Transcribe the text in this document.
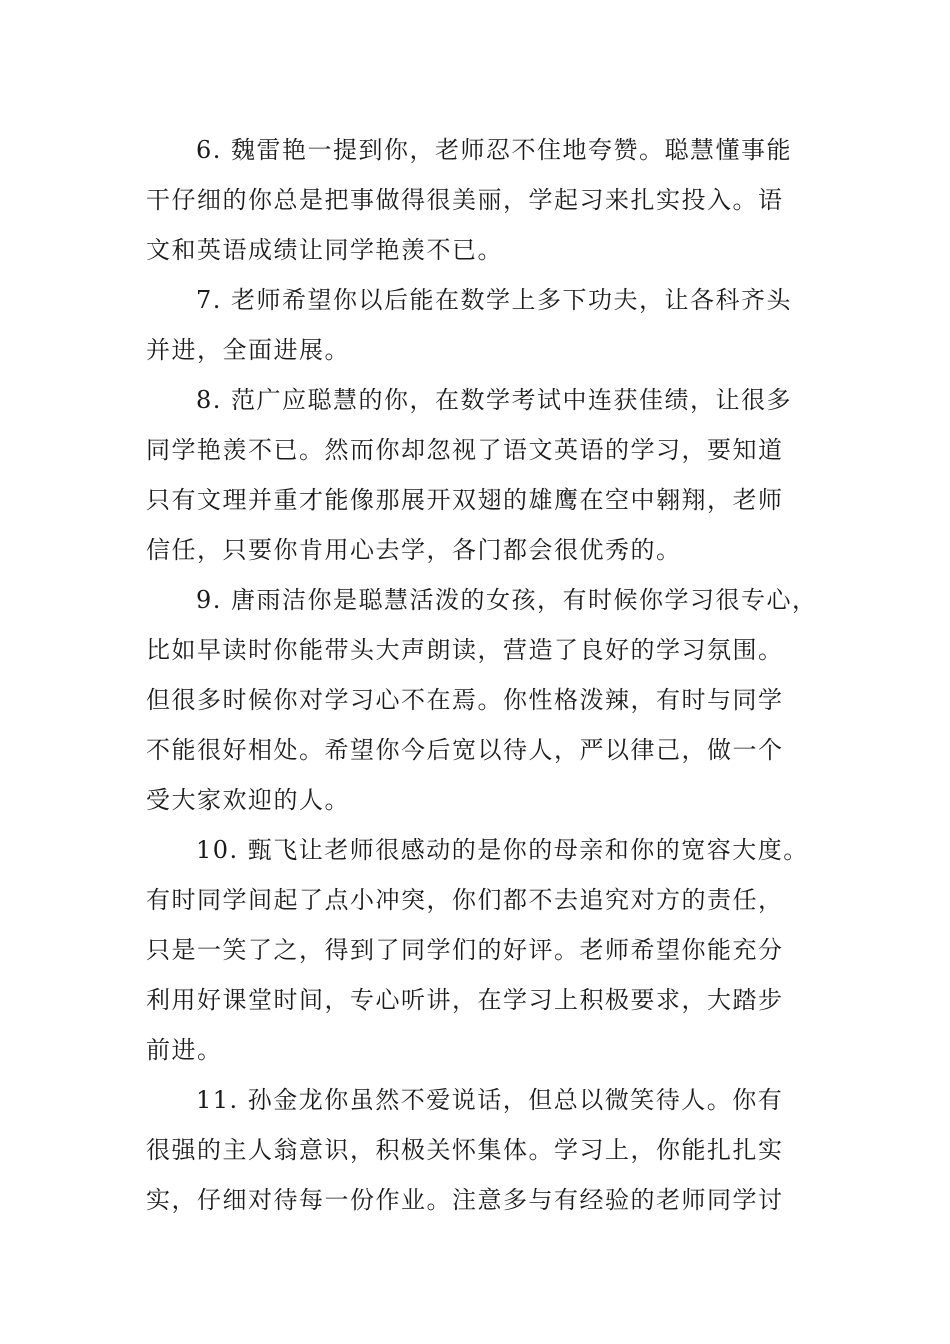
6. 魏雷艳一提到你，老师忍不住地夸赞。聪慧懂事能
干仔细的你总是把事做得很美丽，学起习来扎实投入。语
文和英语成绩让同学艳羡不已。
7. 老师希望你以后能在数学上多下功夫，让各科齐头
并进，全面进展。
8. 范广应聪慧的你，在数学考试中连获佳绩，让很多
同学艳羡不已。然而你却忽视了语文英语的学习，要知道
只有文理并重才能像那展开双翅的雄鹰在空中翱翔，老师
信任，只要你肯用心去学，各门都会很优秀的。
9. 唐雨洁你是聪慧活泼的女孩，有时候你学习很专心，
比如早读时你能带头大声朗读，营造了良好的学习氛围。
但很多时候你对学习心不在焉。你性格泼辣，有时与同学
不能很好相处。希望你今后宽以待人，严以律己，做一个
受大家欢迎的人。
10. 甄飞让老师很感动的是你的母亲和你的宽容大度。
有时同学间起了点小冲突，你们都不去追究对方的责任，
只是一笑了之，得到了同学们的好评。老师希望你能充分
利用好课堂时间，专心听讲，在学习上积极要求，大踏步
前进。
11. 孙金龙你虽然不爱说话，但总以微笑待人。你有
很强的主人翁意识，积极关怀集体。学习上，你能扎扎实
实，仔细对待每一份作业。注意多与有经验的老师同学讨
